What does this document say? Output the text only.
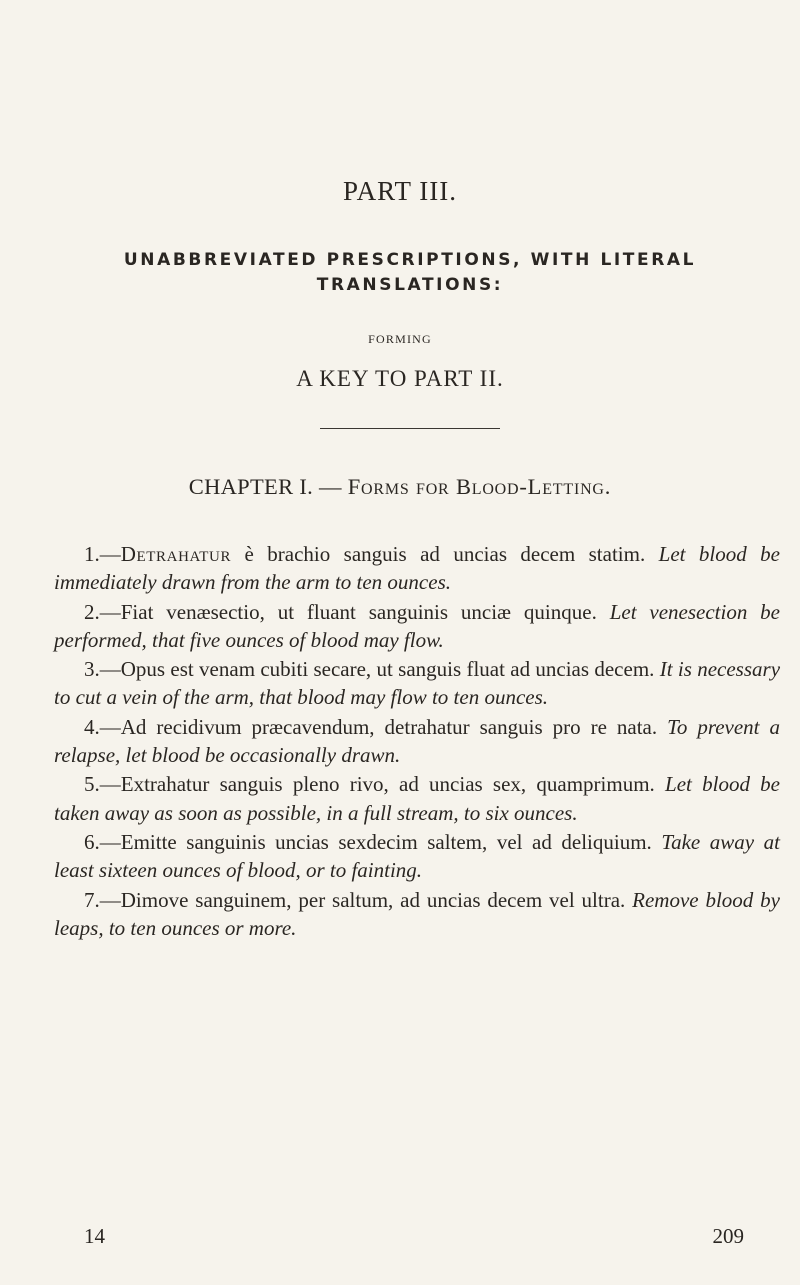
PART III.
UNABBREVIATED PRESCRIPTIONS, WITH LITERAL
TRANSLATIONS:
FORMING
A KEY TO PART II.
CHAPTER I. — Forms for Blood-Letting.

1.—Detrahatur è brachio sanguis ad uncias decem statim. Let blood be immediately drawn from the arm to ten ounces.

2.—Fiat venæsectio, ut fluant sanguinis unciæ quinque. Let venesection be performed, that five ounces of blood may flow.

3.—Opus est venam cubiti secare, ut sanguis fluat ad uncias decem. It is necessary to cut a vein of the arm, that blood may flow to ten ounces.

4.—Ad recidivum præcavendum, detrahatur sanguis pro re nata. To prevent a relapse, let blood be occasionally drawn.

5.—Extrahatur sanguis pleno rivo, ad uncias sex, quamprimum. Let blood be taken away as soon as possible, in a full stream, to six ounces.

6.—Emitte sanguinis uncias sexdecim saltem, vel ad deliquium. Take away at least sixteen ounces of blood, or to fainting.

7.—Dimove sanguinem, per saltum, ad uncias decem vel ultra. Remove blood by leaps, to ten ounces or more.

14	209
